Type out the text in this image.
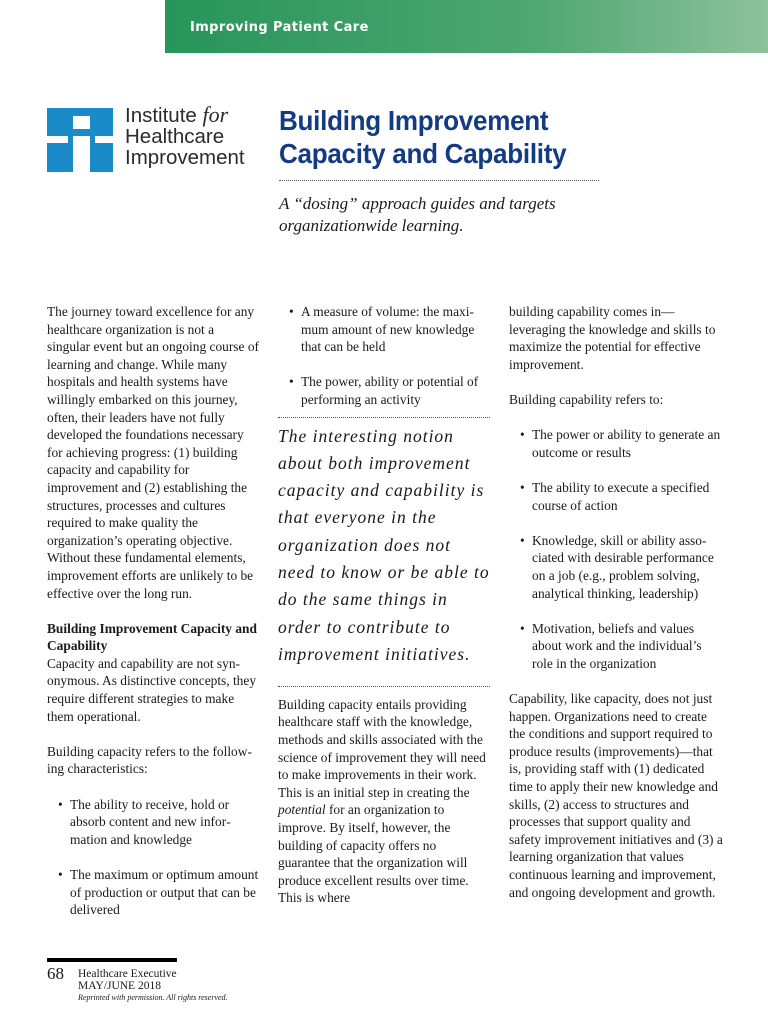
Improving Patient Care
Institute for
Healthcare
Improvement
Building Improvement Capacity and Capability
A “dosing” approach guides and targets organizationwide learning.

The journey toward excellence for any healthcare organization is not a singular event but an ongoing course of learning and change. While many hospitals and health systems have willingly embarked on this journey, often, their leaders have not fully developed the foundations necessary for achieving progress: (1) building capacity and capability for improvement and (2) establishing the structures, processes and cultures required to make quality the organization’s operating objective. Without these fundamental elements, improvement efforts are unlikely to be effective over the long run.

Building Improvement Capacity and Capability

Capacity and capability are not synonymous. As distinctive concepts, they require different strategies to make them operational.

Building capacity refers to the following characteristics:

• The ability to receive, hold or absorb content and new information and knowledge
• The maximum or optimum amount of production or output that can be delivered
• A measure of volume: the maximum amount of new knowledge that can be held
• The power, ability or potential of performing an activity

The interesting notion about both improvement capacity and capability is that everyone in the organization does not need to know or be able to do the same things in order to contribute to improvement initiatives.

Building capacity entails providing healthcare staff with the knowledge, methods and skills associated with the science of improvement they will need to make improvements in their work. This is an initial step in creating the potential for an organization to improve. By itself, however, the building of capacity offers no guarantee that the organization will produce excellent results over time. This is where

building capability comes in—leveraging the knowledge and skills to maximize the potential for effective improvement.

Building capability refers to:

• The power or ability to generate an outcome or results
• The ability to execute a specified course of action
• Knowledge, skill or ability associated with desirable performance on a job (e.g., problem solving, analytical thinking, leadership)
• Motivation, beliefs and values about work and the individual’s role in the organization

Capability, like capacity, does not just happen. Organizations need to create the conditions and support required to produce results (improvements)—that is, providing staff with (1) dedicated time to apply their new knowledge and skills, (2) access to structures and processes that support quality and safety improvement initiatives and (3) a learning organization that values continuous learning and improvement, and ongoing development and growth.

68 Healthcare Executive
MAY/JUNE 2018
Reprinted with permission. All rights reserved.
